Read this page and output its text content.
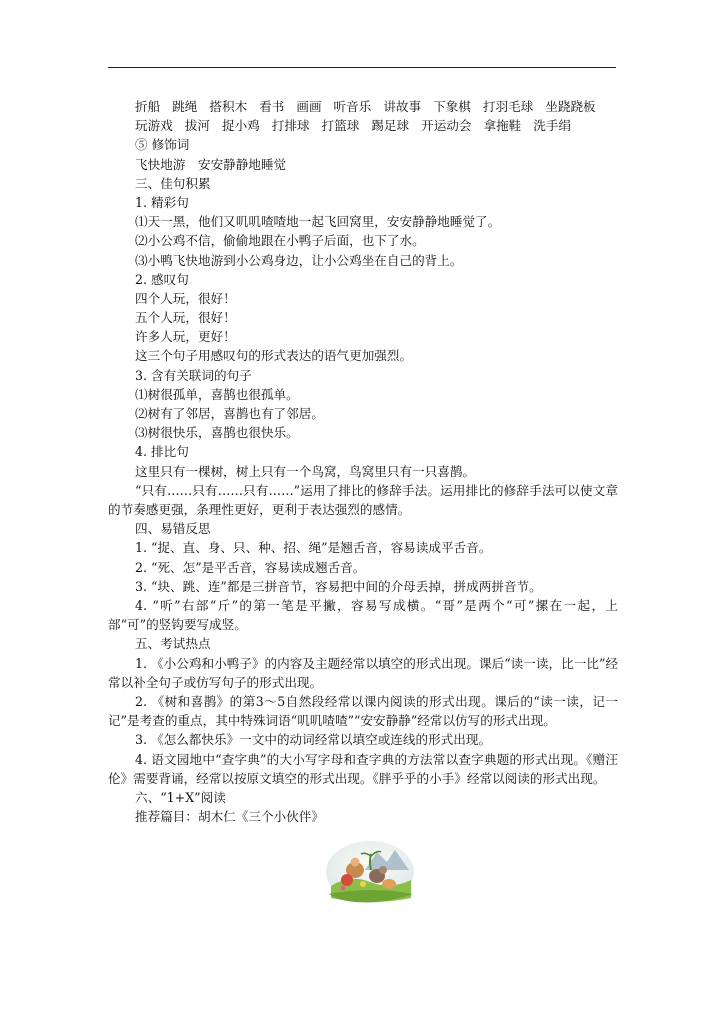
折船 跳绳 搭积木 看书 画画 听音乐 讲故事 下象棋 打羽毛球 坐跷跷板
玩游戏 拔河 捉小鸡 打排球 打篮球 踢足球 开运动会 拿拖鞋 洗手绢
⑤ 修饰词
飞快地游　安安静静地睡觉
三、佳句积累
1. 精彩句
⑴天一黑，他们又叽叽喳喳地一起飞回窝里，安安静静地睡觉了。
⑵小公鸡不信，偷偷地跟在小鸭子后面，也下了水。
⑶小鸭飞快地游到小公鸡身边，让小公鸡坐在自己的背上。
2. 感叹句
四个人玩，很好！
五个人玩，很好！
许多人玩，更好！
这三个句子用感叹句的形式表达的语气更加强烈。
3. 含有关联词的句子
⑴树很孤单，喜鹊也很孤单。
⑵树有了邻居，喜鹊也有了邻居。
⑶树很快乐，喜鹊也很快乐。
4. 排比句
这里只有一棵树，树上只有一个鸟窝，鸟窝里只有一只喜鹊。
“只有……只有……只有……”运用了排比的修辞手法。运用排比的修辞手法可以使文章的节奏感更强，条理性更好，更利于表达强烈的感情。
四、易错反思
1. “捉、直、身、只、种、招、绳”是翘舌音，容易读成平舌音。
2. “死、怎”是平舌音，容易读成翘舌音。
3. “块、跳、连”都是三拼音节，容易把中间的介母丢掉，拼成两拼音节。
4. “听”右部“斤”的第一笔是平撇，容易写成横。“哥”是两个“可”摞在一起，上部“可”的竖钩要写成竖。
五、考试热点
1. 《小公鸡和小鸭子》的内容及主题经常以填空的形式出现。课后“读一读，比一比”经常以补全句子或仿写句子的形式出现。
2. 《树和喜鹊》的第3～5自然段经常以课内阅读的形式出现。课后的“读一读，记一记”是考查的重点，其中特殊词语“叽叽喳喳”“安安静静”经常以仿写的形式出现。
3. 《怎么都快乐》一文中的动词经常以填空或连线的形式出现。
4. 语文园地中“查字典”的大小写字母和查字典的方法常以查字典题的形式出现。《赠汪伦》需要背诵，经常以按原文填空的形式出现。《胖乎乎的小手》经常以阅读的形式出现。
六、“1+X”阅读
推荐篇目：胡木仁《三个小伙伴》
